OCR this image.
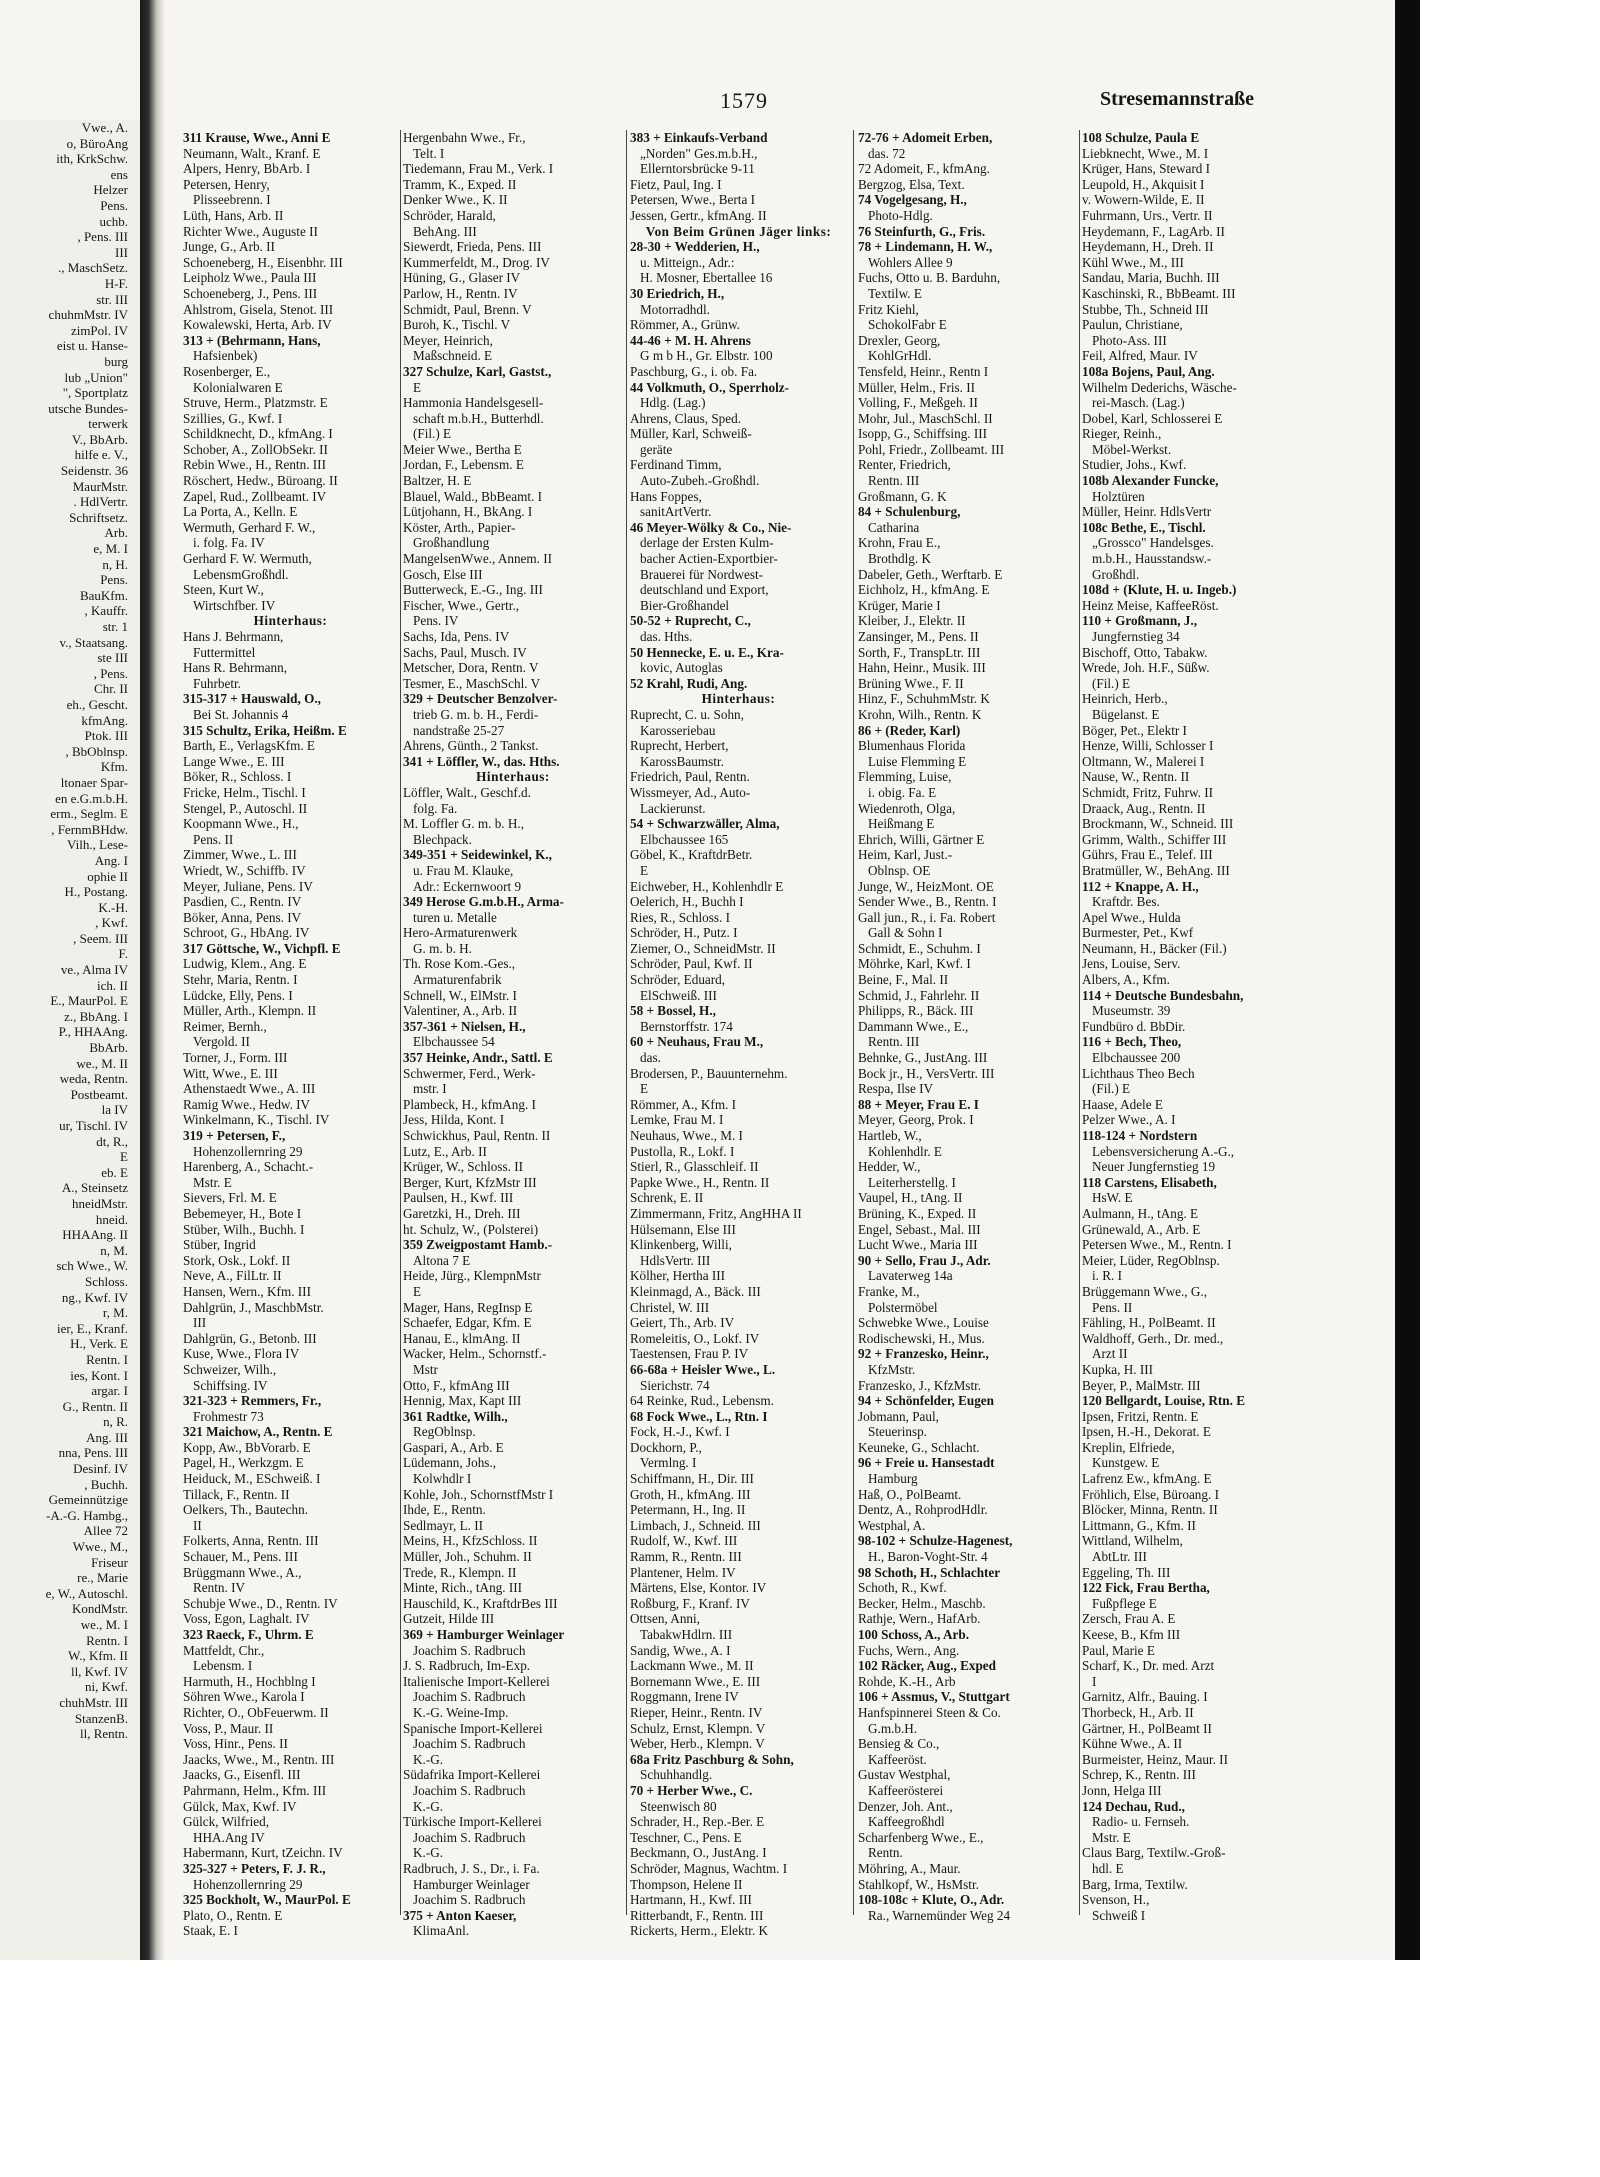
Vwe., A.
o, BüroAng
ith, KrkSchw.
ens
Helzer
Pens.
uchb.
, Pens. III
III
., MaschSetz.
H-F.
str. III
chuhmMstr. IV
zimPol. IV
eist u. Hanse-
burg
lub „Union"
", Sportplatz
utsche Bundes-
terwerk
V., BbArb.
hilfe e. V.,
Seidenstr. 36
MaurMstr.
. HdlVertr.
Schriftsetz.
Arb.
e, M. I
n, H.
Pens.
BauKfm.
, Kauffr.
str. 1
v., Staatsang.
ste III
, Pens.
Chr. II
eh., Gescht.
kfmAng.
Ptok. III
, BbOblnsp.
Kfm.
ltonaer Spar-
en e.G.m.b.H.
erm., Seglm. E
, FernmBHdw.
Vilh., Lese-
Ang. I
ophie II
H., Postang.
K.-H.
, Kwf.
, Seem. III
F.
ve., Alma IV
ich. II
E., MaurPol. E
z., BbAng. I
P., HHAAng.
BbArb.
we., M. II
weda, Rentn.
Postbeamt.
la IV
ur, Tischl. IV
dt, R.,
E
eb. E
A., Steinsetz
hneidMstr.
hneid.
HHAAng. II
n, M.
sch Wwe., W.
Schloss.
ng., Kwf. IV
r, M.
ier, E., Kranf.
H., Verk. E
Rentn. I
ies, Kont. I
argar. I
G., Rentn. II
n, R.
Ang. III
nna, Pens. III
Desinf. IV
, Buchh.
Gemeinnützige
-A.-G. Hambg.,
Allee 72
Wwe., M.,
Friseur
re., Marie
e, W., Autoschl.
KondMstr.
we., M. I
Rentn. I
W., Kfm. II
ll, Kwf. IV
ni, Kwf.
chuhMstr. III
StanzenB.
ll, Rentn.
1579	Stresemannstraße
311 Krause, Wwe., Anni E
Neumann, Walt., Kranf. E
Alpers, Henry, BbArb. I
Petersen, Henry,
Plisseebrenn. I
Lüth, Hans, Arb. II
Richter Wwe., Auguste II
Junge, G., Arb. II
Schoeneberg, H., Eisenbhr. III
Leipholz Wwe., Paula III
Schoeneberg, J., Pens. III
Ahlstrom, Gisela, Stenot. III
Kowalewski, Herta, Arb. IV
313 + (Behrmann, Hans,
Hafsienbek)
Rosenberger, E.,
Kolonialwaren E
Struve, Herm., Platzmstr. E
Szillies, G., Kwf. I
Schildknecht, D., kfmAng. I
Schober, A., ZollObSekr. II
Rebin Wwe., H., Rentn. III
Röschert, Hedw., Büroang. II
Zapel, Rud., Zollbeamt. IV
La Porta, A., Kelln. E
Wermuth, Gerhard F. W.,
i. folg. Fa. IV
Gerhard F. W. Wermuth,
LebensmGroßhdl.
Steen, Kurt W.,
Wirtschfber. IV
Hinterhaus:
Hans J. Behrmann,
Futtermittel
Hans R. Behrmann,
Fuhrbetr.
315-317 + Hauswald, O.,
Bei St. Johannis 4
315 Schultz, Erika, Heißm. E
Barth, E., VerlagsKfm. E
Lange Wwe., E. III
Böker, R., Schloss. I
Fricke, Helm., Tischl. I
Stengel, P., Autoschl. II
Koopmann Wwe., H.,
Pens. II
Zimmer, Wwe., L. III
Wriedt, W., Schiffb. IV
Meyer, Juliane, Pens. IV
Pasdien, C., Rentn. IV
Böker, Anna, Pens. IV
Schroot, G., HbAng. IV
317 Göttsche, W., Vichpfl. E
Ludwig, Klem., Ang. E
Stehr, Maria, Rentn. I
Lüdcke, Elly, Pens. I
Müller, Arth., Klempn. II
Reimer, Bernh.,
Vergold. II
Torner, J., Form. III
Witt, Wwe., E. III
Athenstaedt Wwe., A. III
Ramig Wwe., Hedw. IV
Winkelmann, K., Tischl. IV
319 + Petersen, F.,
Hohenzollernring 29
Harenberg, A., Schacht.-
Mstr. E
Sievers, Frl. M. E
Bebemeyer, H., Bote I
Stüber, Wilh., Buchh. I
Stüber, Ingrid
Stork, Osk., Lokf. II
Neve, A., FilLtr. II
Hansen, Wern., Kfm. III
Dahlgrün, J., MaschbMstr.
III
Dahlgrün, G., Betonb. III
Kuse, Wwe., Flora IV
Schweizer, Wilh.,
Schiffsing. IV
321-323 + Remmers, Fr.,
Frohmestr 73
321 Maichow, A., Rentn. E
Kopp, Aw., BbVorarb. E
Pagel, H., Werkzgm. E
Heiduck, M., ESchweiß. I
Tillack, F., Rentn. II
Oelkers, Th., Bautechn.
II
Folkerts, Anna, Rentn. III
Schauer, M., Pens. III
Brüggmann Wwe., A.,
Rentn. IV
Schubje Wwe., D., Rentn. IV
Voss, Egon, Laghalt. IV
323 Raeck, F., Uhrm. E
Mattfeldt, Chr.,
Lebensm. I
Harmuth, H., Hochblng I
Söhren Wwe., Karola I
Richter, O., ObFeuerwm. II
Voss, P., Maur. II
Voss, Hinr., Pens. II
Jaacks, Wwe., M., Rentn. III
Jaacks, G., Eisenfl. III
Pahrmann, Helm., Kfm. III
Gülck, Max, Kwf. IV
Gülck, Wilfried,
HHA.Ang IV
Habermann, Kurt, tZeichn. IV
325-327 + Peters, F. J. R.,
Hohenzollernring 29
325 Bockholt, W., MaurPol. E
Plato, O., Rentn. E
Staak, E. I
Hergenbahn Wwe., Fr.,
Telt. I
Tiedemann, Frau M., Verk. I
Tramm, K., Exped. II
Denker Wwe., K. II
Schröder, Harald,
BehAng. III
Siewerdt, Frieda, Pens. III
Kummerfeldt, M., Drog. IV
Hüning, G., Glaser IV
Parlow, H., Rentn. IV
Schmidt, Paul, Brenn. V
Buroh, K., Tischl. V
Meyer, Heinrich,
Maßschneid. E
327 Schulze, Karl, Gastst.,
E
Hammonia Handelsgesell-
schaft m.b.H., Butterhdl.
(Fil.) E
Meier Wwe., Bertha E
Jordan, F., Lebensm. E
Baltzer, H. E
Blauel, Wald., BbBeamt. I
Lütjohann, H., BkAng. I
Köster, Arth., Papier-
Großhandlung
MangelsenWwe., Annem. II
Gosch, Else III
Butterweck, E.-G., Ing. III
Fischer, Wwe., Gertr.,
Pens. IV
Sachs, Ida, Pens. IV
Sachs, Paul, Musch. IV
Metscher, Dora, Rentn. V
Tesmer, E., MaschSchl. V
329 + Deutscher Benzolver-
trieb G. m. b. H., Ferdi-
nandstraße 25-27
Ahrens, Günth., 2 Tankst.
341 + Löffler, W., das. Hths.
Hinterhaus:
Löffler, Walt., Geschf.d.
folg. Fa.
M. Loffler G. m. b. H.,
Blechpack.
349-351 + Seidewinkel, K.,
u. Frau M. Klauke,
Adr.: Eckernwoort 9
349 Herose G.m.b.H., Arma-
turen u. Metalle
Hero-Armaturenwerk
G. m. b. H.
Th. Rose Kom.-Ges.,
Armaturenfabrik
Schnell, W., ElMstr. I
Valentiner, A., Arb. II
357-361 + Nielsen, H.,
Elbchaussee 54
357 Heinke, Andr., Sattl. E
Schwermer, Ferd., Werk-
mstr. I
Plambeck, H., kfmAng. I
Jess, Hilda, Kont. I
Schwickhus, Paul, Rentn. II
Lutz, E., Arb. II
Krüger, W., Schloss. II
Berger, Kurt, KfzMstr III
Paulsen, H., Kwf. III
Garetzki, H., Dreh. III
ht. Schulz, W., (Polsterei)
359 Zweigpostamt Hamb.-
Altona 7 E
Heide, Jürg., KlempnMstr
E
Mager, Hans, RegInsp E
Schaefer, Edgar, Kfm. E
Hanau, E., klmAng. II
Wacker, Helm., Schornstf.-
Mstr
Otto, F., kfmAng III
Hennig, Max, Kapt III
361 Radtke, Wilh.,
RegOblnsp.
Gaspari, A., Arb. E
Lüdemann, Johs.,
Kolwhdlr I
Kohle, Joh., SchornstfMstr I
Ihde, E., Rentn.
Sedlmayr, L. II
Meins, H., KfzSchloss. II
Müller, Joh., Schuhm. II
Trede, R., Klempn. II
Minte, Rich., tAng. III
Hauschild, K., KraftdrBes III
Gutzeit, Hilde III
369 + Hamburger Weinlager
Joachim S. Radbruch
J. S. Radbruch, Im-Exp.
Italienische Import-Kellerei
Joachim S. Radbruch
K.-G. Weine-Imp.
Spanische Import-Kellerei
Joachim S. Radbruch
K.-G.
Südafrika Import-Kellerei
Joachim S. Radbruch
K.-G.
Türkische Import-Kellerei
Joachim S. Radbruch
K.-G.
Radbruch, J. S., Dr., i. Fa.
Hamburger Weinlager
Joachim S. Radbruch
375 + Anton Kaeser,
KlimaAnl.
383 + Einkaufs-Verband
„Norden" Ges.m.b.H.,
Ellerntorsbrücke 9-11
Fietz, Paul, Ing. I
Petersen, Wwe., Berta I
Jessen, Gertr., kfmAng. II
Von Beim Grünen Jäger links:
28-30 + Wedderien, H.,
u. Mitteign., Adr.:
H. Mosner, Ebertallee 16
30 Eriedrich, H.,
Motorradhdl.
Römmer, A., Grünw.
44-46 + M. H. Ahrens
G m b H., Gr. Elbstr. 100
Paschburg, G., i. ob. Fa.
44 Volkmuth, O., Sperrholz-
Hdlg. (Lag.)
Ahrens, Claus, Sped.
Müller, Karl, Schweiß-
geräte
Ferdinand Timm,
Auto-Zubeh.-Großhdl.
Hans Foppes,
sanitArtVertr.
46 Meyer-Wölky & Co., Nie-
derlage der Ersten Kulm-
bacher Actien-Exportbier-
Brauerei für Nordwest-
deutschland und Export,
Bier-Großhandel
50-52 + Ruprecht, C.,
das. Hths.
50 Hennecke, E. u. E., Kra-
kovic, Autoglas
52 Krahl, Rudi, Ang.
Hinterhaus:
Ruprecht, C. u. Sohn,
Karosseriebau
Ruprecht, Herbert,
KarossBaumstr.
Friedrich, Paul, Rentn.
Wissmeyer, Ad., Auto-
Lackierunst.
54 + Schwarzwäller, Alma,
Elbchaussee 165
Göbel, K., KraftdrBetr.
E
Eichweber, H., Kohlenhdlr E
Oelerich, H., Buchh I
Ries, R., Schloss. I
Schröder, H., Putz. I
Ziemer, O., SchneidMstr. II
Schröder, Paul, Kwf. II
Schröder, Eduard,
ElSchweiß. III
58 + Bossel, H.,
Bernstorffstr. 174
60 + Neuhaus, Frau M.,
das.
Brodersen, P., Bauunternehm.
E
Römmer, A., Kfm. I
Lemke, Frau M. I
Neuhaus, Wwe., M. I
Pustolla, R., Lokf. I
Stierl, R., Glasschleif. II
Papke Wwe., H., Rentn. II
Schrenk, E. II
Zimmermann, Fritz, AngHHA II
Hülsemann, Else III
Klinkenberg, Willi,
HdlsVertr. III
Kölher, Hertha III
Kleinmagd, A., Bäck. III
Christel, W. III
Geiert, Th., Arb. IV
Romeleitis, O., Lokf. IV
Taestensen, Frau P. IV
66-68a + Heisler Wwe., L.
Sierichstr. 74
64 Reinke, Rud., Lebensm.
68 Fock Wwe., L., Rtn. I
Fock, H.-J., Kwf. I
Dockhorn, P.,
Vermlng. I
Schiffmann, H., Dir. III
Groth, H., kfmAng. III
Petermann, H., Ing. II
Limbach, J., Schneid. III
Rudolf, W., Kwf. III
Ramm, R., Rentn. III
Plantener, Helm. IV
Märtens, Else, Kontor. IV
Roßburg, F., Kranf. IV
Ottsen, Anni,
TabakwHdlrn. III
Sandig, Wwe., A. I
Lackmann Wwe., M. II
Bornemann Wwe., E. III
Roggmann, Irene IV
Rieper, Heinr., Rentn. IV
Schulz, Ernst, Klempn. V
Weber, Herb., Klempn. V
68a Fritz Paschburg & Sohn,
Schuhhandlg.
70 + Herber Wwe., C.
Steenwisch 80
Schrader, H., Rep.-Ber. E
Teschner, C., Pens. E
Beckmann, O., JustAng. I
Schröder, Magnus, Wachtm. I
Thompson, Helene II
Hartmann, H., Kwf. III
Ritterbandt, F., Rentn. III
Rickerts, Herm., Elektr. K
72-76 + Adomeit Erben,
das. 72
72 Adomeit, F., kfmAng.
Bergzog, Elsa, Text.
74 Vogelgesang, H.,
Photo-Hdlg.
76 Steinfurth, G., Fris.
78 + Lindemann, H. W.,
Wohlers Allee 9
Fuchs, Otto u. B. Barduhn,
Textilw. E
Fritz Kiehl,
SchokolFabr E
Drexler, Georg,
KohlGrHdl.
Tensfeld, Heinr., Rentn I
Müller, Helm., Fris. II
Volling, F., Meßgeh. II
Mohr, Jul., MaschSchl. II
Isopp, G., Schiffsing. III
Pohl, Friedr., Zollbeamt. III
Renter, Friedrich,
Rentn. III
Großmann, G. K
84 + Schulenburg,
Catharina
Krohn, Frau E.,
Brothdlg. K
Dabeler, Geth., Werftarb. E
Eichholz, H., kfmAng. E
Krüger, Marie I
Kleiber, J., Elektr. II
Zansinger, M., Pens. II
Sorth, F., TranspLtr. III
Hahn, Heinr., Musik. III
Brüning Wwe., F. II
Hinz, F., SchuhmMstr. K
Krohn, Wilh., Rentn. K
86 + (Reder, Karl)
Blumenhaus Florida
Luise Flemming E
Flemming, Luise,
i. obig. Fa. E
Wiedenroth, Olga,
Heißmang E
Ehrich, Willi, Gärtner E
Heim, Karl, Just.-
Oblnsp. OE
Junge, W., HeizMont. OE
Sender Wwe., B., Rentn. I
Gall jun., R., i. Fa. Robert
Gall & Sohn I
Schmidt, E., Schuhm. I
Möhrke, Karl, Kwf. I
Beine, F., Mal. II
Schmid, J., Fahrlehr. II
Philipps, R., Bäck. III
Dammann Wwe., E.,
Rentn. III
Behnke, G., JustAng. III
Bock jr., H., VersVertr. III
Respa, Ilse IV
88 + Meyer, Frau E. I
Meyer, Georg, Prok. I
Hartleb, W.,
Kohlenhdlr. E
Hedder, W.,
Leiterherstellg. I
Vaupel, H., tAng. II
Brüning, K., Exped. II
Engel, Sebast., Mal. III
Lucht Wwe., Maria III
90 + Sello, Frau J., Adr.
Lavaterweg 14a
Franke, M.,
Polstermöbel
Schwebke Wwe., Louise
Rodischewski, H., Mus.
92 + Franzesko, Heinr.,
KfzMstr.
Franzesko, J., KfzMstr.
94 + Schönfelder, Eugen
Jobmann, Paul,
Steuerinsp.
Keuneke, G., Schlacht.
96 + Freie u. Hansestadt
Hamburg
Haß, O., PolBeamt.
Dentz, A., RohprodHdlr.
Westphal, A.
98-102 + Schulze-Hagenest,
H., Baron-Voght-Str. 4
98 Schoth, H., Schlachter
Schoth, R., Kwf.
Becker, Helm., Maschb.
Rathje, Wern., HafArb.
100 Schoss, A., Arb.
Fuchs, Wern., Ang.
102 Räcker, Aug., Exped
Rohde, K.-H., Arb
106 + Assmus, V., Stuttgart
Hanfspinnerei Steen & Co.
G.m.b.H.
Bensieg & Co.,
Kaffeeröst.
Gustav Westphal,
Kaffeerösterei
Denzer, Joh. Ant.,
Kaffeegroßhdl
Scharfenberg Wwe., E.,
Rentn.
Möhring, A., Maur.
Stahlkopf, W., HsMstr.
108-108c + Klute, O., Adr.
Ra., Warnemünder Weg 24
108 Schulze, Paula E
Liebknecht, Wwe., M. I
Krüger, Hans, Steward I
Leupold, H., Akquisit I
v. Wowern-Wilde, E. II
Fuhrmann, Urs., Vertr. II
Heydemann, F., LagArb. II
Heydemann, H., Dreh. II
Kühl Wwe., M., III
Sandau, Maria, Buchh. III
Kaschinski, R., BbBeamt. III
Stubbe, Th., Schneid III
Paulun, Christiane,
Photo-Ass. III
Feil, Alfred, Maur. IV
108a Bojens, Paul, Ang.
Wilhelm Dederichs, Wäsche-
rei-Masch. (Lag.)
Dobel, Karl, Schlosserei E
Rieger, Reinh.,
Möbel-Werkst.
Studier, Johs., Kwf.
108b Alexander Funcke,
Holztüren
Müller, Heinr. HdlsVertr
108c Bethe, E., Tischl.
„Grossco" Handelsges.
m.b.H., Hausstandsw.-
Großhdl.
108d + (Klute, H. u. Ingeb.)
Heinz Meise, KaffeeRöst.
110 + Großmann, J.,
Jungfernstieg 34
Bischoff, Otto, Tabakw.
Wrede, Joh. H.F., Süßw.
(Fil.) E
Heinrich, Herb.,
Bügelanst. E
Böger, Pet., Elektr I
Henze, Willi, Schlosser I
Oltmann, W., Malerei I
Nause, W., Rentn. II
Schmidt, Fritz, Fuhrw. II
Draack, Aug., Rentn. II
Brockmann, W., Schneid. III
Grimm, Walth., Schiffer III
Gührs, Frau E., Telef. III
Bratmüller, W., BehAng. III
112 + Knappe, A. H.,
Kraftdr. Bes.
Apel Wwe., Hulda
Burmester, Pet., Kwf
Neumann, H., Bäcker (Fil.)
Jens, Louise, Serv.
Albers, A., Kfm.
114 + Deutsche Bundesbahn,
Museumstr. 39
Fundbüro d. BbDir.
116 + Bech, Theo,
Elbchaussee 200
Lichthaus Theo Bech
(Fil.) E
Haase, Adele E
Pelzer Wwe., A. I
118-124 + Nordstern
Lebensversicherung A.-G.,
Neuer Jungfernstieg 19
118 Carstens, Elisabeth,
HsW. E
Aulmann, H., tAng. E
Grünewald, A., Arb. E
Petersen Wwe., M., Rentn. I
Meier, Lüder, RegOblnsp.
i. R. I
Brüggemann Wwe., G.,
Pens. II
Fähling, H., PolBeamt. II
Waldhoff, Gerh., Dr. med.,
Arzt II
Kupka, H. III
Beyer, P., MalMstr. III
120 Bellgardt, Louise, Rtn. E
Ipsen, Fritzi, Rentn. E
Ipsen, H.-H., Dekorat. E
Kreplin, Elfriede,
Kunstgew. E
Lafrenz Ew., kfmAng. E
Fröhlich, Else, Büroang. I
Blöcker, Minna, Rentn. II
Littmann, G., Kfm. II
Wittland, Wilhelm,
AbtLtr. III
Eggeling, Th. III
122 Fick, Frau Bertha,
Fußpflege E
Zersch, Frau A. E
Keese, B., Kfm III
Paul, Marie E
Scharf, K., Dr. med. Arzt
I
Garnitz, Alfr., Bauing. I
Thorbeck, H., Arb. II
Gärtner, H., PolBeamt II
Kühne Wwe., A. II
Burmeister, Heinz, Maur. II
Schrep, K., Rentn. III
Jonn, Helga III
124 Dechau, Rud.,
Radio- u. Fernseh.
Mstr. E
Claus Barg, Textilw.-Groß-
hdl. E
Barg, Irma, Textilw.
Svenson, H.,
Schweiß I
